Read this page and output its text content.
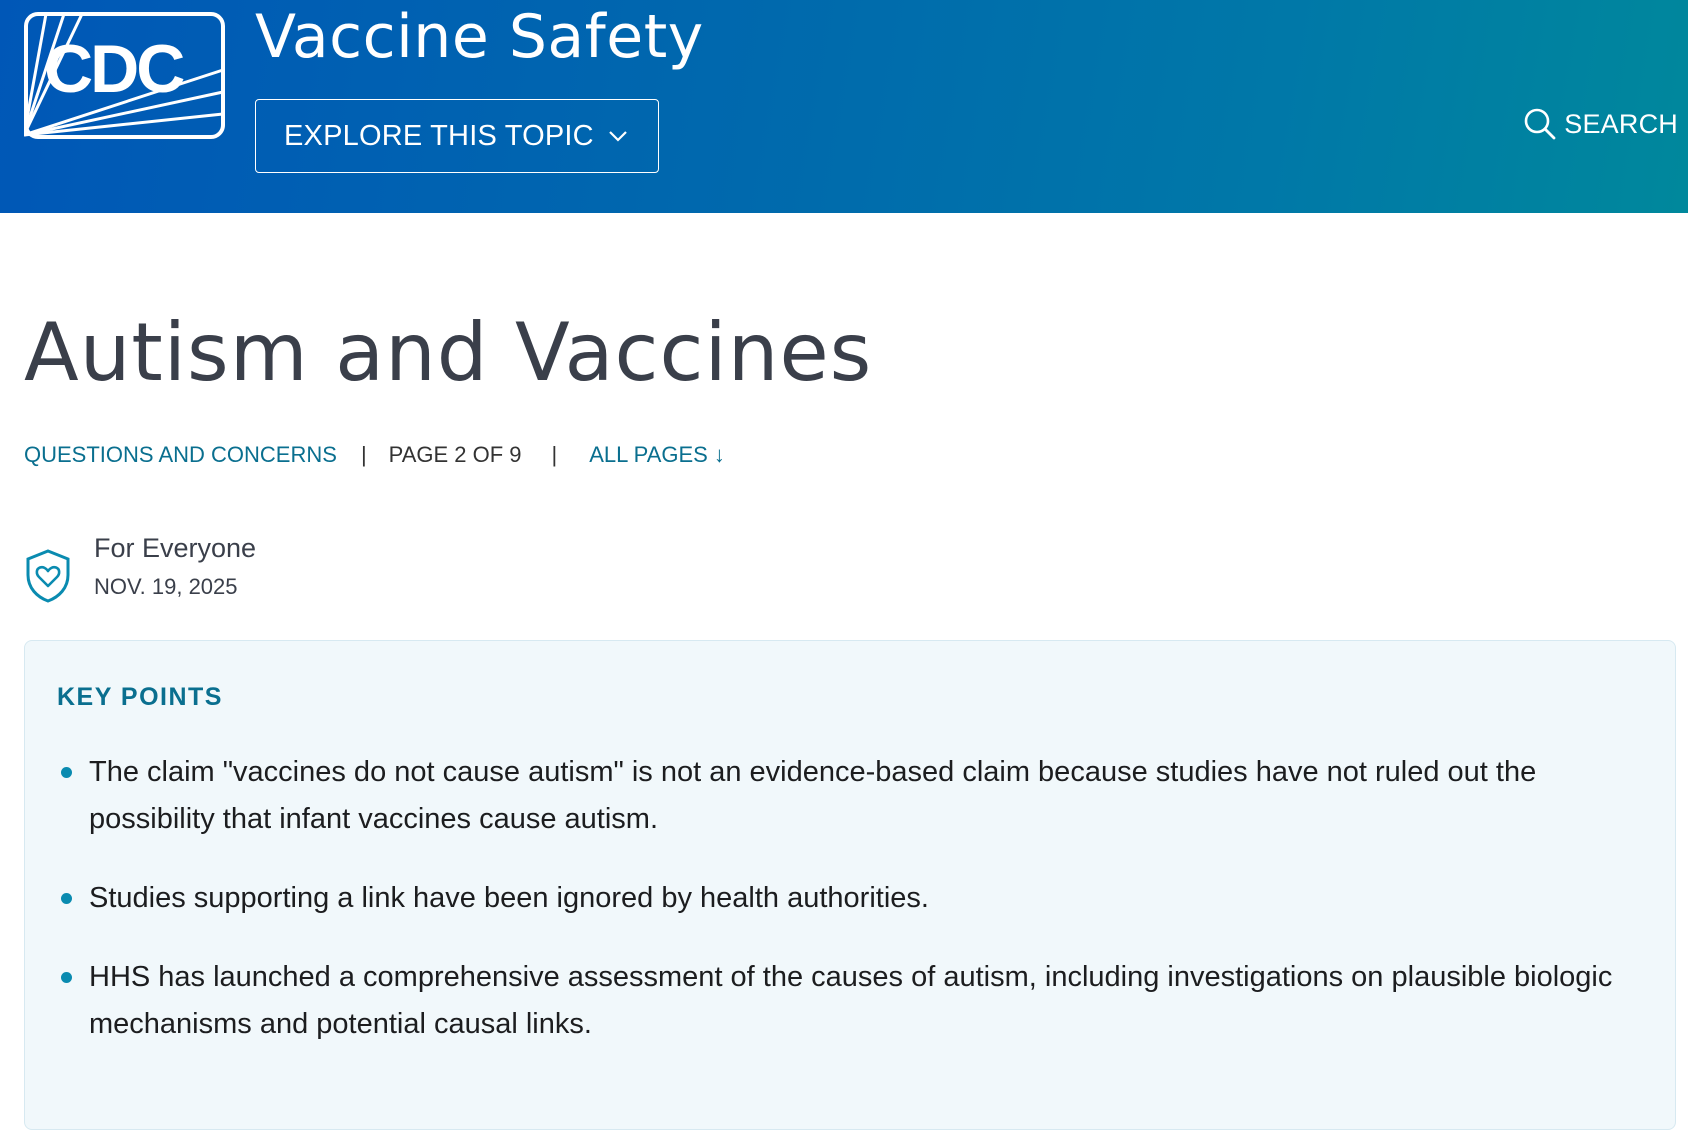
CDC Vaccine Safety
EXPLORE THIS TOPIC	SEARCH
Autism and Vaccines
QUESTIONS AND CONCERNS | PAGE 2 OF 9 | ALL PAGES ↓
For Everyone
NOV. 19, 2025
KEY POINTS
The claim "vaccines do not cause autism" is not an evidence-based claim because studies have not ruled out the possibility that infant vaccines cause autism.
Studies supporting a link have been ignored by health authorities.
HHS has launched a comprehensive assessment of the causes of autism, including investigations on plausible biologic mechanisms and potential causal links.
